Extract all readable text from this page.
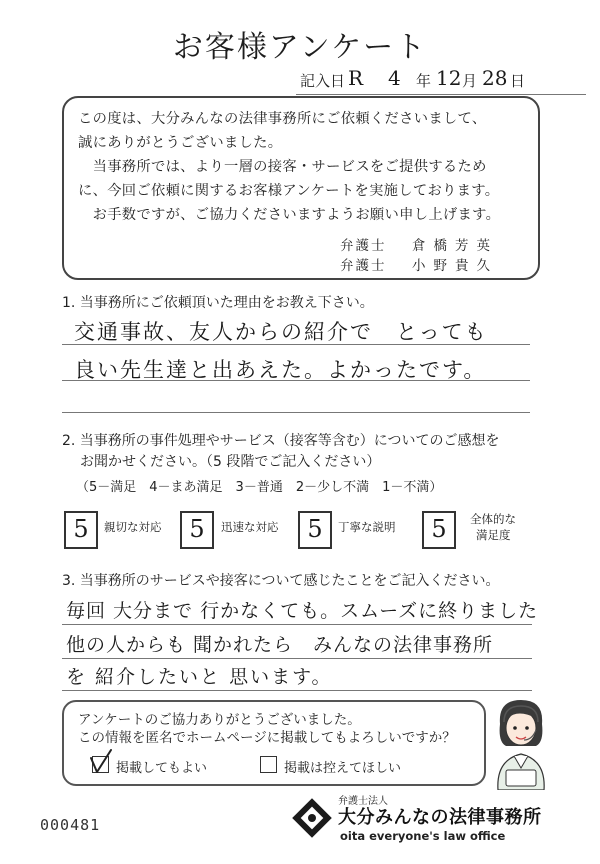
お客様アンケート
記入日 R 4 年 12 月 28 日
この度は、大分みんなの法律事務所にご依頼くださいまして、
誠にありがとうございました。
　当事務所では、より一層の接客・サービスをご提供するため
に、今回ご依頼に関するお客様アンケートを実施しております。
　お手数ですが、ご協力くださいますようお願い申し上げます。
弁護士 倉橋芳英
弁護士 小野貴久
1. 当事務所にご依頼頂いた理由をお教え下さい。
交通事故、友人からの紹介で　とっても
良い先生達と出あえた。よかったです。
2. 当事務所の事件処理やサービス（接客等含む）についてのご感想を
お聞かせください。（5 段階でご記入ください）
（5－満足　4－まあ満足　3－普通　2－少し不満　1－不満）
5	親切な対応	5	迅速な対応	5	丁寧な説明	5	全体的な
満足度
3. 当事務所のサービスや接客について感じたことをご記入ください。
毎回 大分まで 行かなくても。スムーズに終りました
他の人からも 聞かれたら　みんなの法律事務所
を 紹介したいと 思います。
アンケートのご協力ありがとうございました。
この情報を匿名でホームページに掲載してもよろしいですか？
掲載してもよい	掲載は控えてほしい
000481
弁護士法人
大分みんなの法律事務所
oita everyone's law office
